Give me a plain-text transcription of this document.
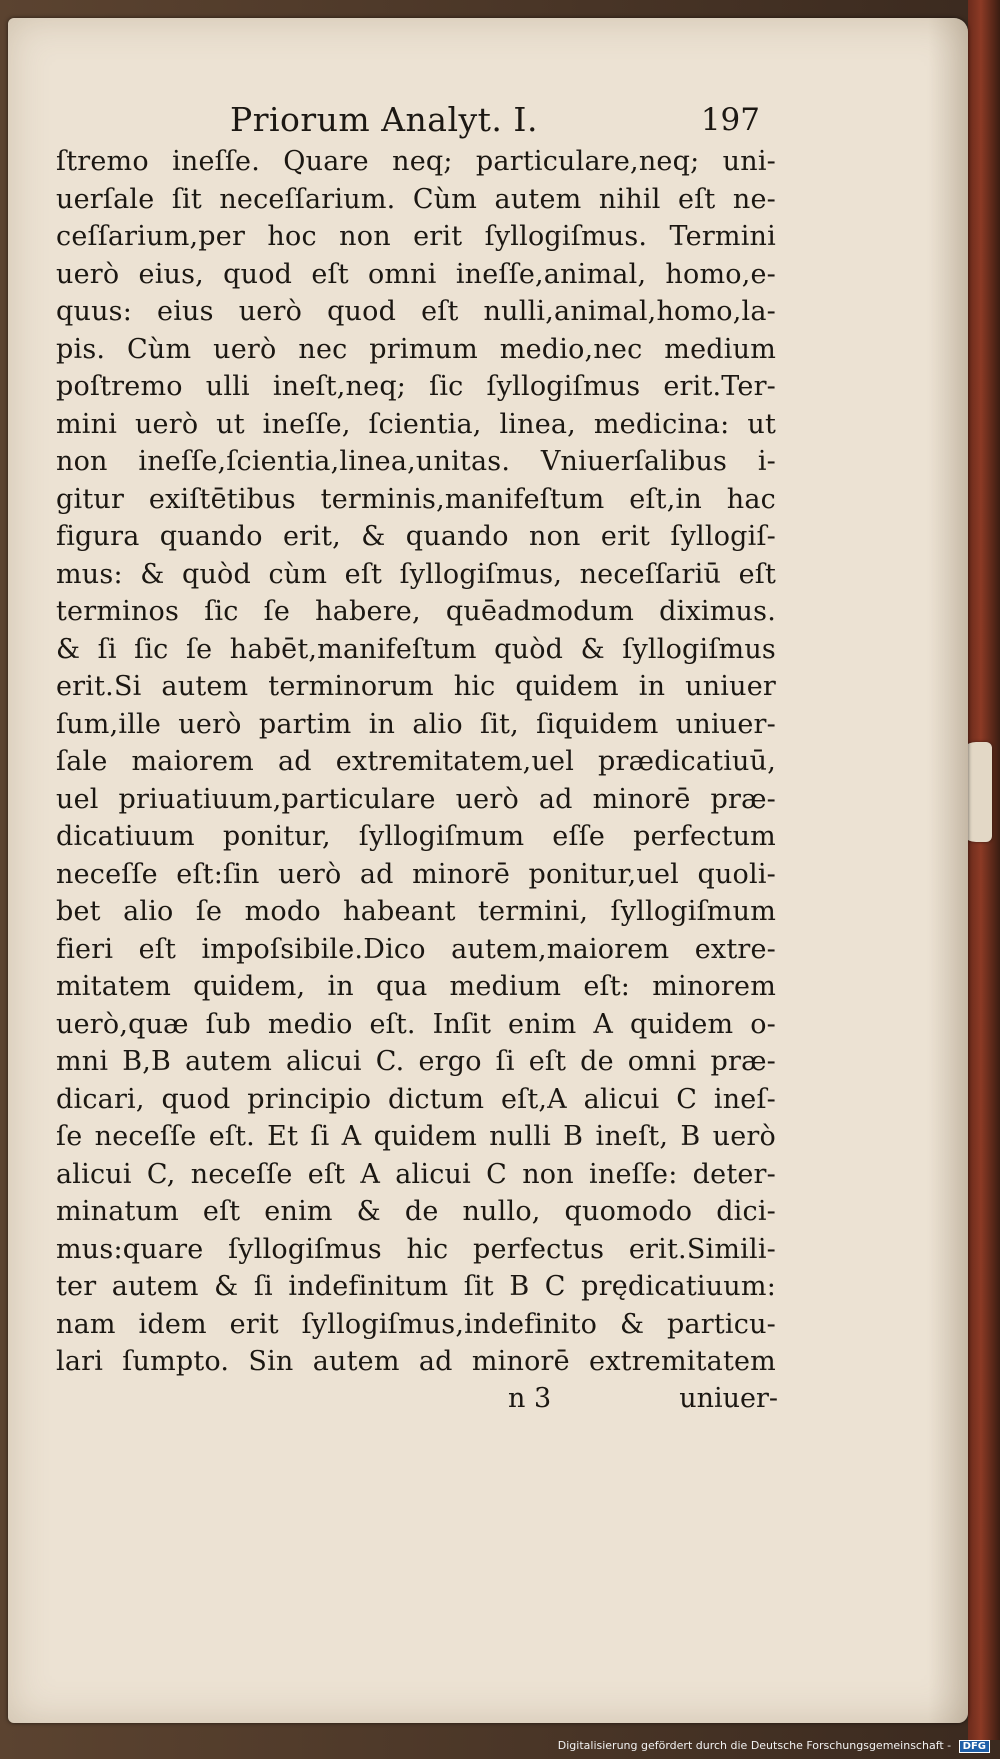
Priorum Analyt. I.	197
ſtremo ineſſe. Quare neq; particulare,neq; uni-
uerſale ſit neceſſarium. Cùm autem nihil eſt ne-
ceſſarium,per hoc non erit ſyllogiſmus. Termini
uerò eius, quod eſt omni ineſſe,animal, homo,e-
quus: eius uerò quod eſt nulli,animal,homo,la-
pis. Cùm uerò nec primum medio,nec medium
poſtremo ulli ineſt,neq; ſic ſyllogiſmus erit.Ter-
mini uerò ut ineſſe, ſcientia, linea, medicina: ut
non ineſſe,ſcientia,linea,unitas. Vniuerſalibus i-
gitur exiſtētibus terminis,manifeſtum eſt,in hac
figura quando erit, & quando non erit ſyllogiſ-
mus: & quòd cùm eſt ſyllogiſmus, neceſſariū eſt
terminos ſic ſe habere, quēadmodum diximus.
& ſi ſic ſe habēt,manifeſtum quòd & ſyllogiſmus
erit.Si autem terminorum hic quidem in uniuer
ſum,ille uerò partim in alio ſit, ſiquidem uniuer-
ſale maiorem ad extremitatem,uel prædicatiuū,
uel priuatiuum,particulare uerò ad minorē præ-
dicatiuum ponitur, ſyllogiſmum eſſe perfectum
neceſſe eſt:ſin uerò ad minorē ponitur,uel quoli-
bet alio ſe modo habeant termini, ſyllogiſmum
fieri eſt impoſsibile.Dico autem,maiorem extre-
mitatem quidem, in qua medium eſt: minorem
uerò,quæ ſub medio eſt. Inſit enim A quidem o-
mni B,B autem alicui C. ergo ſi eſt de omni præ-
dicari, quod principio dictum eſt,A alicui C ineſ-
ſe neceſſe eſt. Et ſi A quidem nulli B ineſt, B uerò
alicui C, neceſſe eſt A alicui C non ineſſe: deter-
minatum eſt enim & de nullo, quomodo dici-
mus:quare ſyllogiſmus hic perfectus erit.Simili-
ter autem & ſi indefinitum ſit B C prędicatiuum:
nam idem erit ſyllogiſmus,indefinito & particu-
lari ſumpto. Sin autem ad minorē extremitatem
n 3	uniuer-
Digitalisierung gefördert durch die Deutsche Forschungsgemeinschaft - DFG
